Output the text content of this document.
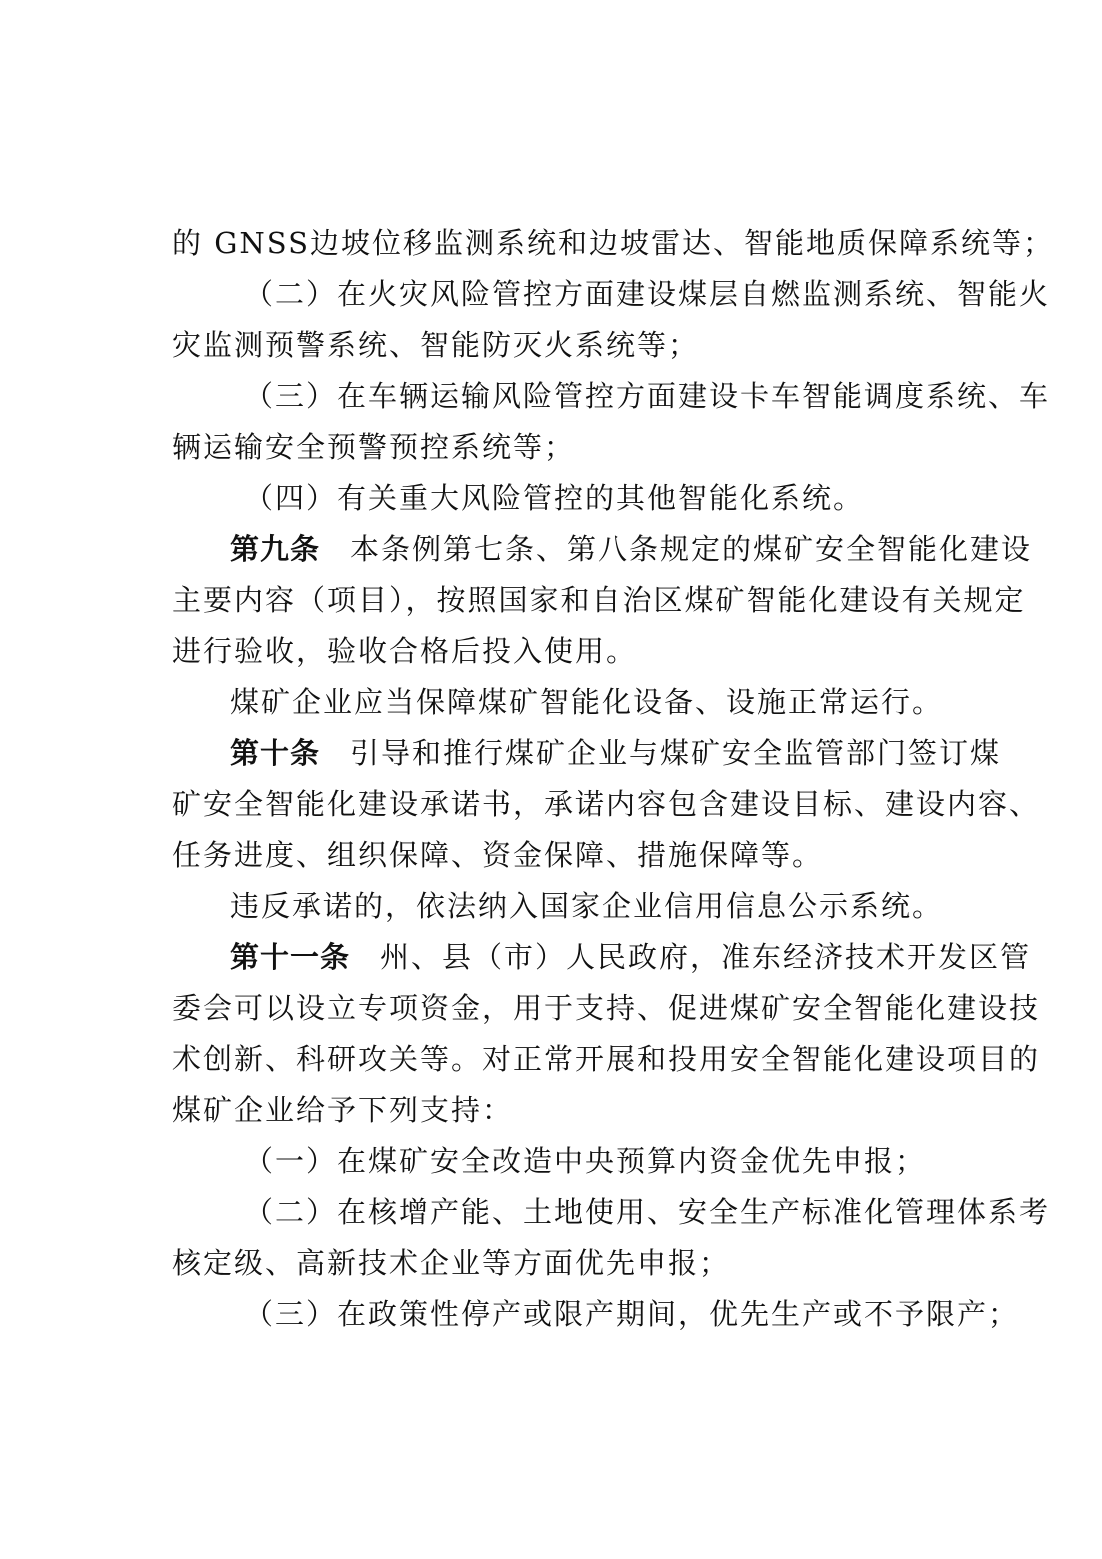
的 GNSS边坡位移监测系统和边坡雷达、智能地质保障系统等；
（二）在火灾风险管控方面建设煤层自燃监测系统、智能火
灾监测预警系统、智能防灭火系统等；
（三）在车辆运输风险管控方面建设卡车智能调度系统、车
辆运输安全预警预控系统等；
（四）有关重大风险管控的其他智能化系统。
第九条 本条例第七条、第八条规定的煤矿安全智能化建设
主要内容（项目），按照国家和自治区煤矿智能化建设有关规定
进行验收，验收合格后投入使用。
煤矿企业应当保障煤矿智能化设备、设施正常运行。
第十条 引导和推行煤矿企业与煤矿安全监管部门签订煤
矿安全智能化建设承诺书，承诺内容包含建设目标、建设内容、
任务进度、组织保障、资金保障、措施保障等。
违反承诺的，依法纳入国家企业信用信息公示系统。
第十一条 州、县（市）人民政府，准东经济技术开发区管
委会可以设立专项资金，用于支持、促进煤矿安全智能化建设技
术创新、科研攻关等。对正常开展和投用安全智能化建设项目的
煤矿企业给予下列支持：
（一）在煤矿安全改造中央预算内资金优先申报；
（二）在核增产能、土地使用、安全生产标准化管理体系考
核定级、高新技术企业等方面优先申报；
（三）在政策性停产或限产期间，优先生产或不予限产；
